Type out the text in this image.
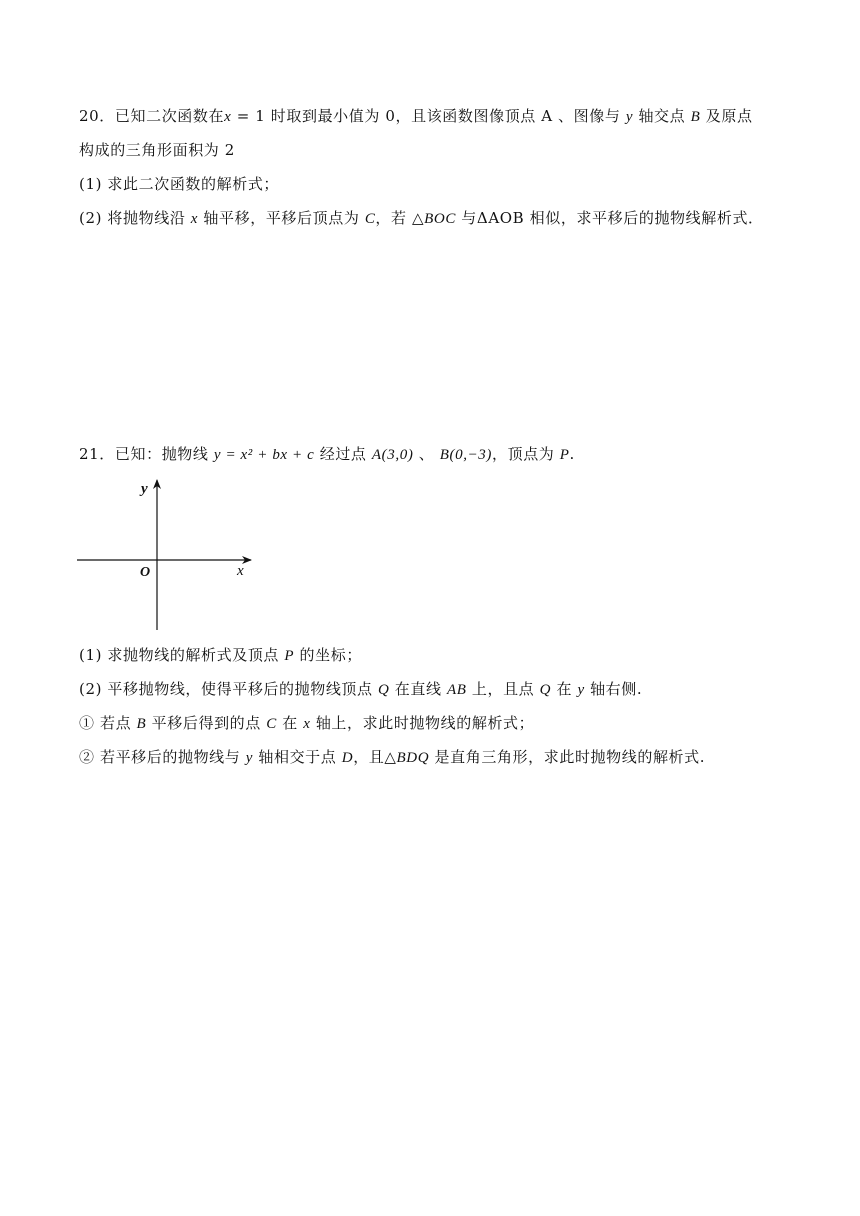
20．已知二次函数在x = 1 时取到最小值为 0，且该函数图像顶点 A 、图像与 y 轴交点 B 及原点
构成的三角形面积为 2
(1) 求此二次函数的解析式；
(2) 将抛物线沿 x 轴平移，平移后顶点为 C，若 △BOC 与ΔAOB 相似，求平移后的抛物线解析式．
21．已知：抛物线 y = x² + bx + c 经过点 A(3,0) 、 B(0,−3)，顶点为 P.
y
x
O
(1) 求抛物线的解析式及顶点 P 的坐标；
(2) 平移抛物线，使得平移后的抛物线顶点 Q 在直线 AB 上，且点 Q 在 y 轴右侧.
① 若点 B 平移后得到的点 C 在 x 轴上，求此时抛物线的解析式；
② 若平移后的抛物线与 y 轴相交于点 D，且△BDQ 是直角三角形，求此时抛物线的解析式.
